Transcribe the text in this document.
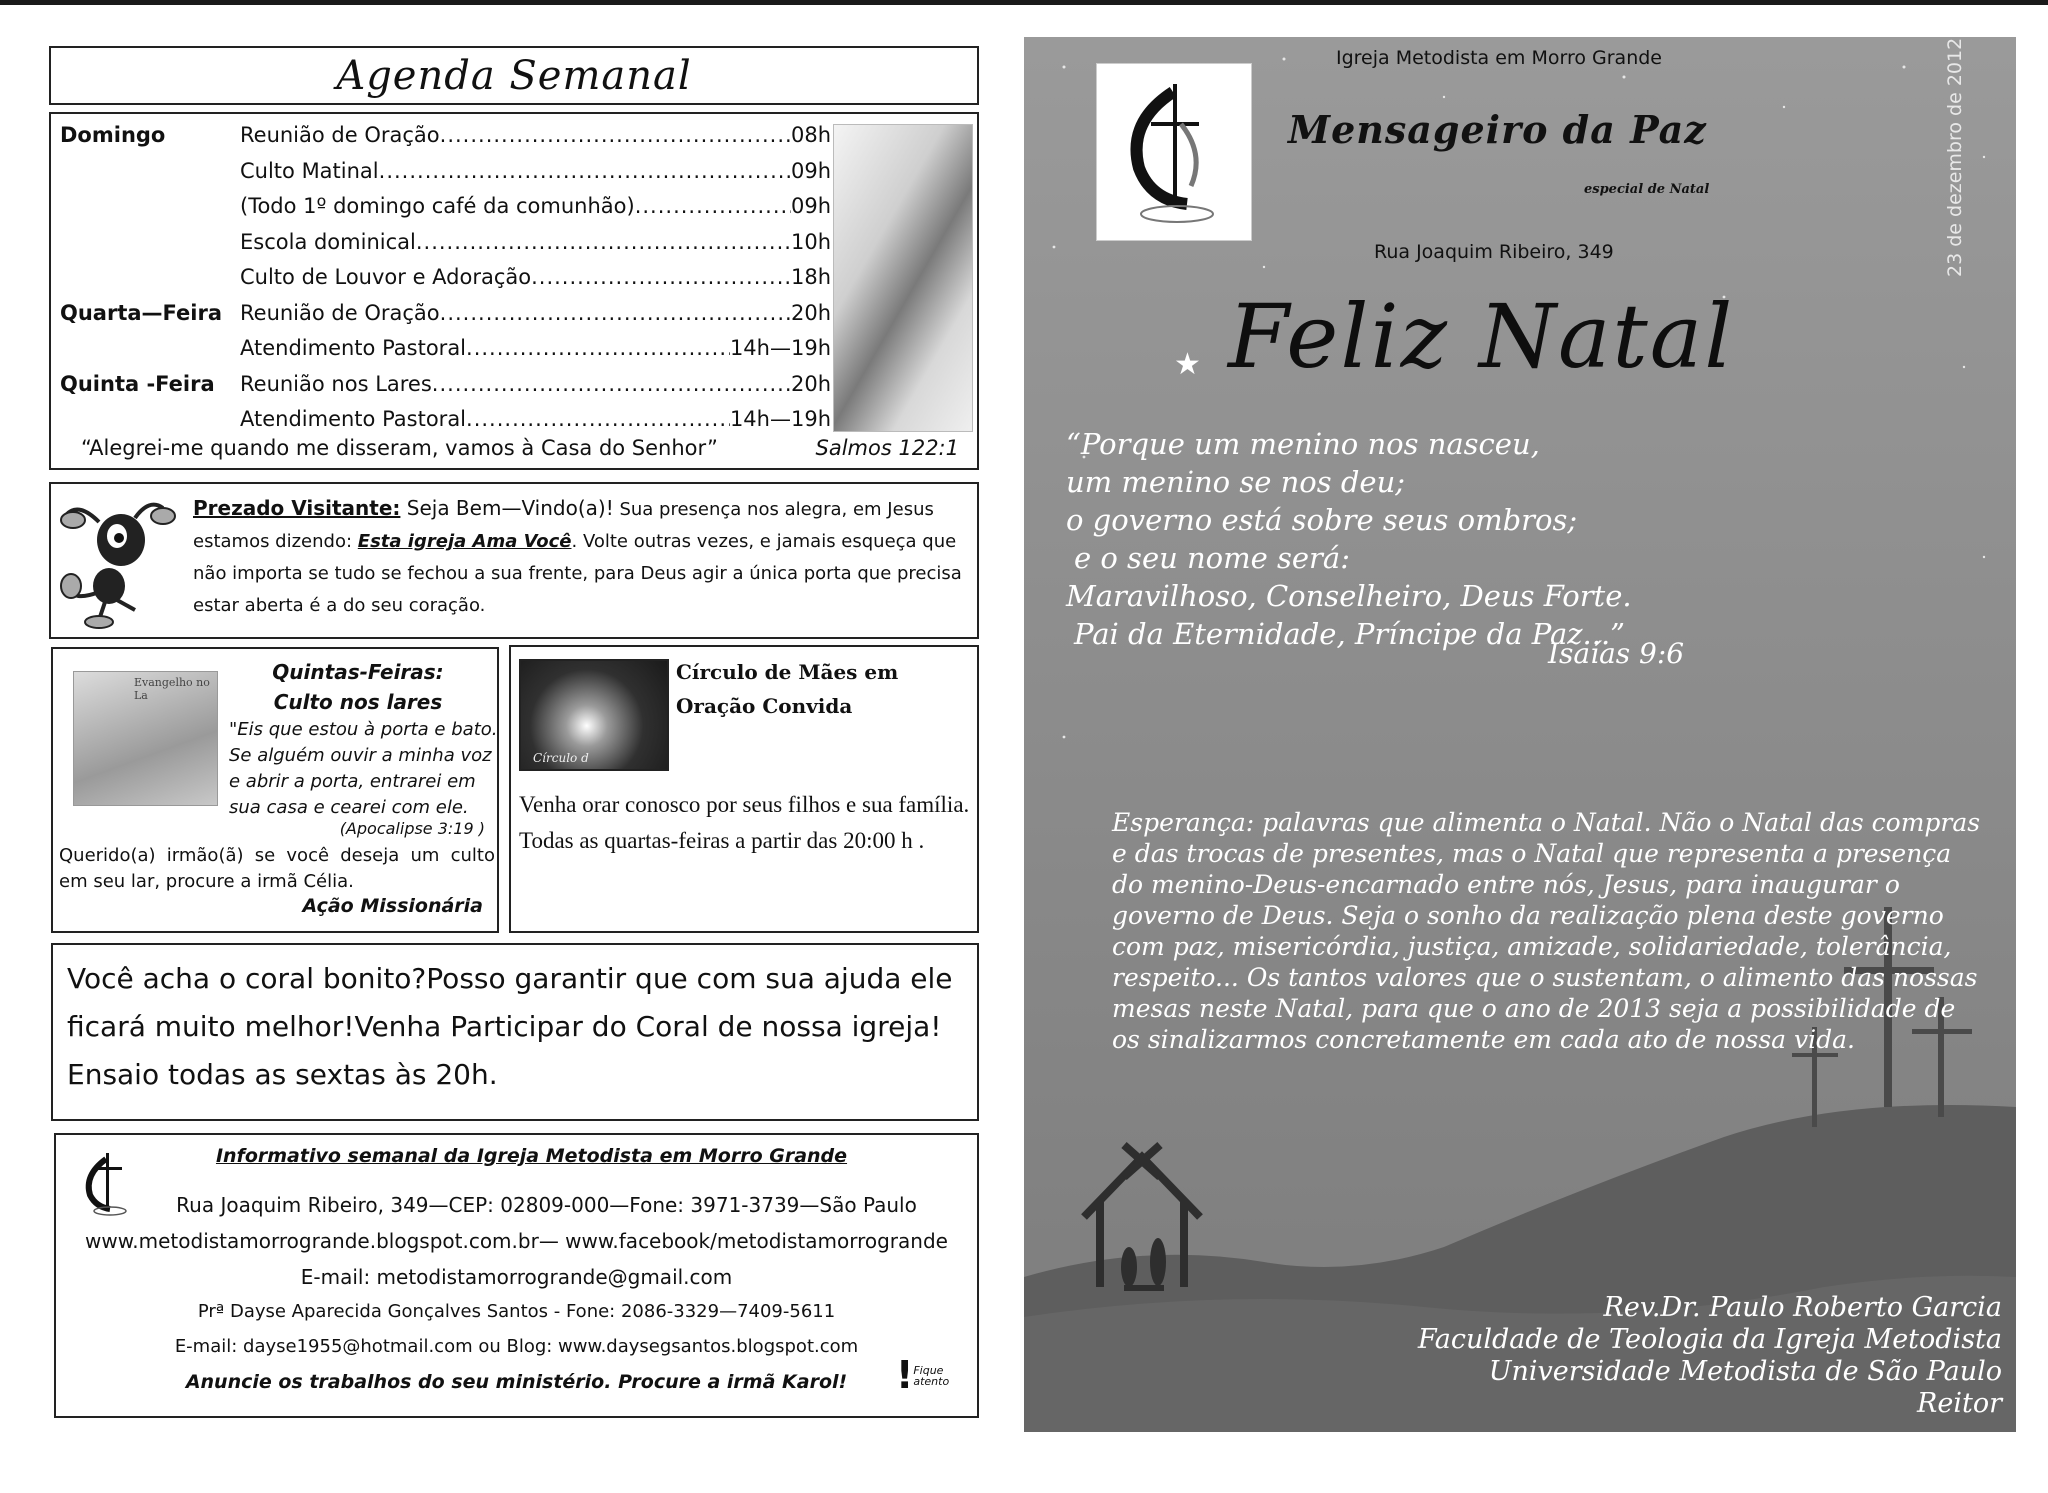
Agenda Semanal
Domingo	Reunião de Oração .....	08h
Culto Matinal .....	09h
(Todo 1º domingo café da comunhão) .....	09h
Escola dominical .....	10h
Culto de Louvor e Adoração .....	18h
Quarta—Feira Reunião de Oração .....	20h
Atendimento Pastoral .....	14h—19h
Quinta -Feira Reunião nos Lares .....	20h
Atendimento Pastoral .....	14h—19h
“Alegrei-me quando me disseram, vamos à Casa do Senhor”	Salmos 122:1
Prezado Visitante: Seja Bem—Vindo(a)! Sua presença nos alegra, em Jesus estamos dizendo: Esta igreja Ama Você. Volte outras vezes, e jamais esqueça que não importa se tudo se fechou a sua frente, para Deus agir a única porta que precisa estar aberta é a do seu coração.
Evangelho no La
Quintas-Feiras:
Culto nos lares
"Eis que estou à porta e bato. Se alguém ouvir a minha voz e abrir a porta, entrarei em sua casa e cearei com ele.
(Apocalipse 3:19 )
Querido(a) irmão(ã) se você deseja um culto em seu lar, procure a irmã Célia.
Ação Missionária
Círculo d
Círculo de Mães em Oração Convida
Venha orar conosco por seus filhos e sua família. Todas as quartas-feiras a partir das 20:00 h .
Você acha o coral bonito?Posso garantir que com sua ajuda ele ficará muito melhor!Venha Participar do Coral de nossa igreja! Ensaio todas as sextas às 20h.
Informativo semanal da Igreja Metodista em Morro Grande
Rua Joaquim Ribeiro, 349—CEP: 02809-000—Fone: 3971-3739—São Paulo
www.metodistamorrogrande.blogspot.com.br— www.facebook/metodistamorrogrande
E-mail: metodistamorrogrande@gmail.com
Prª Dayse Aparecida Gonçalves Santos - Fone: 2086-3329—7409-5611
E-mail: dayse1955@hotmail.com ou Blog: www.daysegsantos.blogspot.com
Anuncie os trabalhos do seu ministério. Procure a irmã Karol!	! Fique atento
Igreja Metodista em Morro Grande
Mensageiro da Paz
especial de Natal
Rua Joaquim Ribeiro, 349	23 de dezembro de 2012
★ Feliz Natal
“Porque um menino nos nasceu,
um menino se nos deu;
o governo está sobre seus ombros;
e o seu nome será:
Maravilhoso, Conselheiro, Deus Forte.
Pai da Eternidade, Príncipe da Paz...”
Isaías 9:6
Esperança: palavras que alimenta o Natal. Não o Natal das compras e das trocas de presentes, mas o Natal que representa a presença do menino-Deus-encarnado entre nós, Jesus, para inaugurar o governo de Deus. Seja o sonho da realização plena deste governo com paz, misericórdia, justiça, amizade, solidariedade, tolerância, respeito... Os tantos valores que o sustentam, o alimento das nossas mesas neste Natal, para que o ano de 2013 seja a possibilidade de os sinalizarmos concretamente em cada ato de nossa vida.
Rev.Dr. Paulo Roberto Garcia
Faculdade de Teologia da Igreja Metodista
Universidade Metodista de São Paulo
Reitor
